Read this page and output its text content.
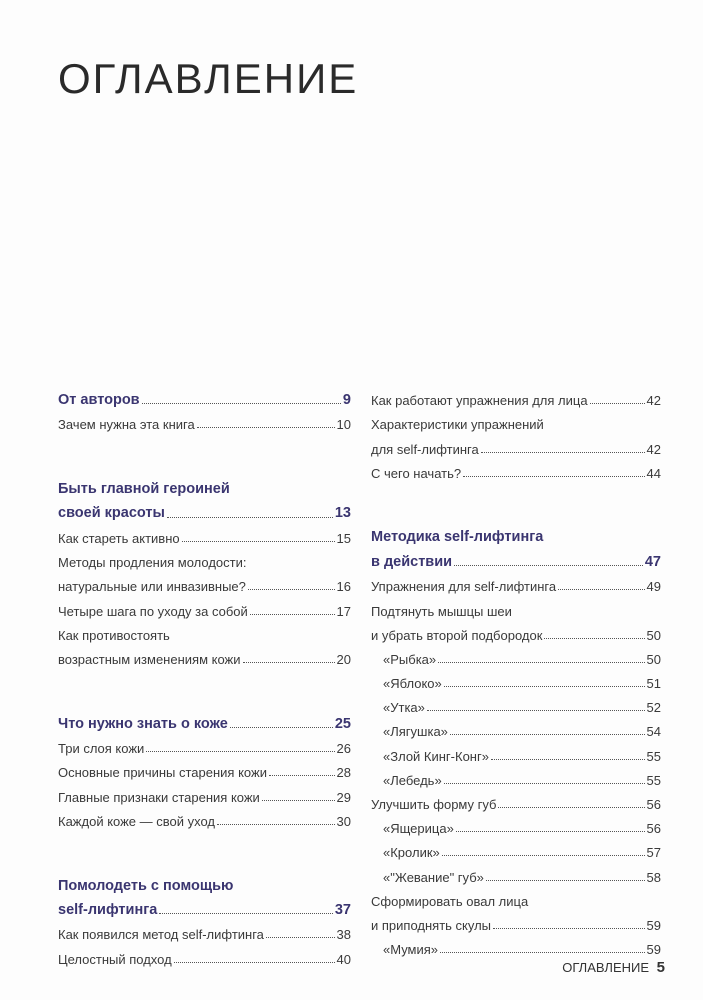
ОГЛАВЛЕНИЕ
От авторов	9
Зачем нужна эта книга	10
Быть главной героиней
своей красоты	13
Как стареть активно	15
Методы продления молодости:
натуральные или инвазивные?	16
Четыре шага по уходу за собой	17
Как противостоять
возрастным изменениям кожи	20
Что нужно знать о коже	25
Три слоя кожи	26
Основные причины старения кожи	28
Главные признаки старения кожи	29
Каждой коже — свой уход	30
Помолодеть с помощью
self-лифтинга	37
Как появился метод self-лифтинга	38
Целостный подход	40
Как работают упражнения для лица	42
Характеристики упражнений
для self-лифтинга	42
С чего начать?	44
Методика self-лифтинга
в действии	47
Упражнения для self-лифтинга	49
Подтянуть мышцы шеи
и убрать второй подбородок	50
«Рыбка»	50
«Яблоко»	51
«Утка»	52
«Лягушка»	54
«Злой Кинг-Конг»	55
«Лебедь»	55
Улучшить форму губ	56
«Ящерица»	56
«Кролик»	57
«"Жевание" губ»	58
Сформировать овал лица
и приподнять скулы	59
«Мумия»	59
ОГЛАВЛЕНИЕ 5
